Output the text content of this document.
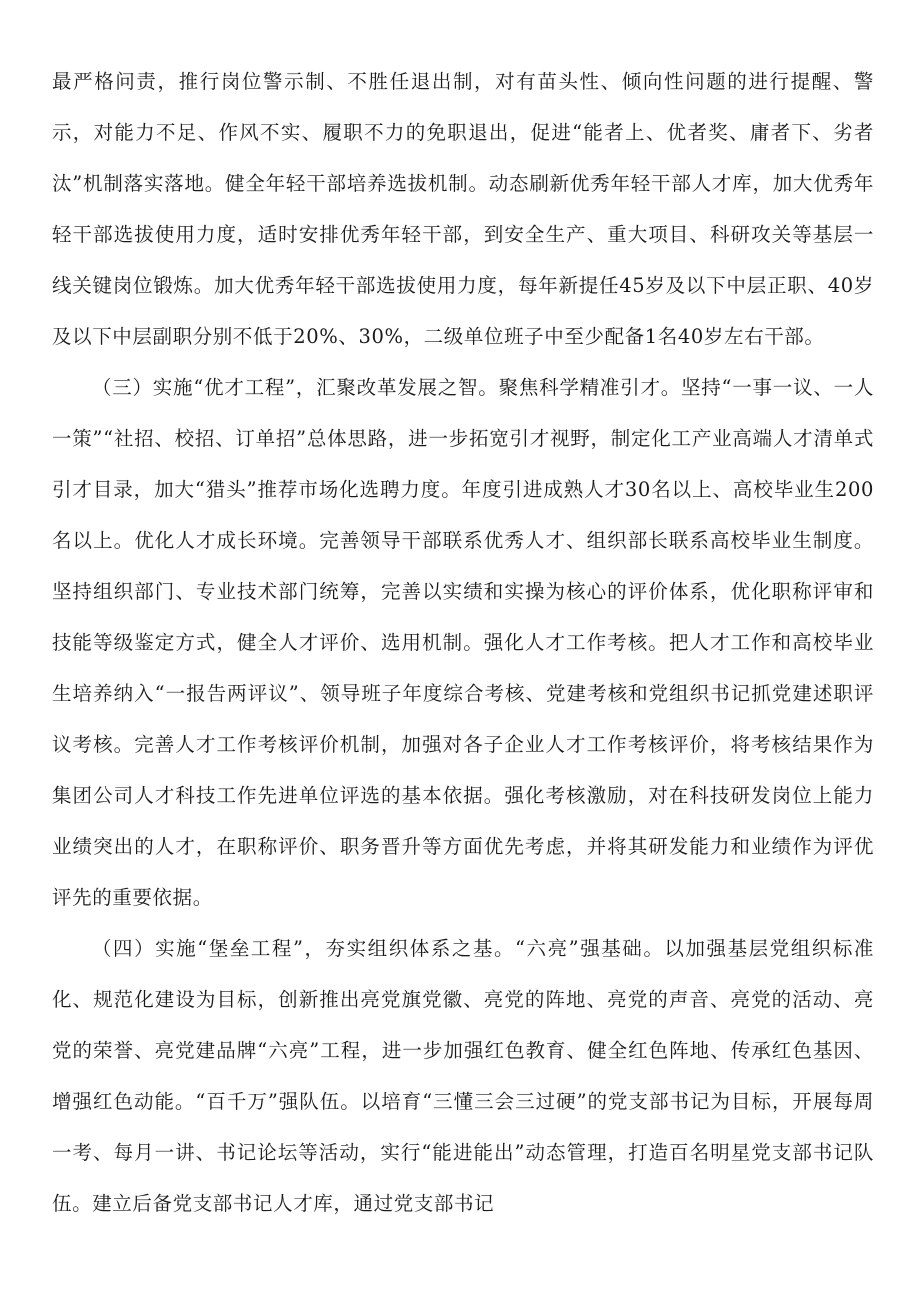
最严格问责，推行岗位警示制、不胜任退出制，对有苗头性、倾向性问题的进行提醒、警示，对能力不足、作风不实、履职不力的免职退出，促进“能者上、优者奖、庸者下、劣者汰”机制落实落地。健全年轻干部培养选拔机制。动态刷新优秀年轻干部人才库，加大优秀年轻干部选拔使用力度，适时安排优秀年轻干部，到安全生产、重大项目、科研攻关等基层一线关键岗位锻炼。加大优秀年轻干部选拔使用力度，每年新提任45岁及以下中层正职、40岁及以下中层副职分别不低于20%、30%，二级单位班子中至少配备1名40岁左右干部。

（三）实施“优才工程”，汇聚改革发展之智。聚焦科学精准引才。坚持“一事一议、一人一策”“社招、校招、订单招”总体思路，进一步拓宽引才视野，制定化工产业高端人才清单式引才目录，加大“猎头”推荐市场化选聘力度。年度引进成熟人才30名以上、高校毕业生200名以上。优化人才成长环境。完善领导干部联系优秀人才、组织部长联系高校毕业生制度。坚持组织部门、专业技术部门统筹，完善以实绩和实操为核心的评价体系，优化职称评审和技能等级鉴定方式，健全人才评价、选用机制。强化人才工作考核。把人才工作和高校毕业生培养纳入“一报告两评议”、领导班子年度综合考核、党建考核和党组织书记抓党建述职评议考核。完善人才工作考核评价机制，加强对各子企业人才工作考核评价，将考核结果作为集团公司人才科技工作先进单位评选的基本依据。强化考核激励，对在科技研发岗位上能力业绩突出的人才，在职称评价、职务晋升等方面优先考虑，并将其研发能力和业绩作为评优评先的重要依据。

（四）实施“堡垒工程”，夯实组织体系之基。“六亮”强基础。以加强基层党组织标准化、规范化建设为目标，创新推出亮党旗党徽、亮党的阵地、亮党的声音、亮党的活动、亮党的荣誉、亮党建品牌“六亮”工程，进一步加强红色教育、健全红色阵地、传承红色基因、增强红色动能。“百千万”强队伍。以培育“三懂三会三过硬”的党支部书记为目标，开展每周一考、每月一讲、书记论坛等活动，实行“能进能出”动态管理，打造百名明星党支部书记队伍。建立后备党支部书记人才库，通过党支部书记
